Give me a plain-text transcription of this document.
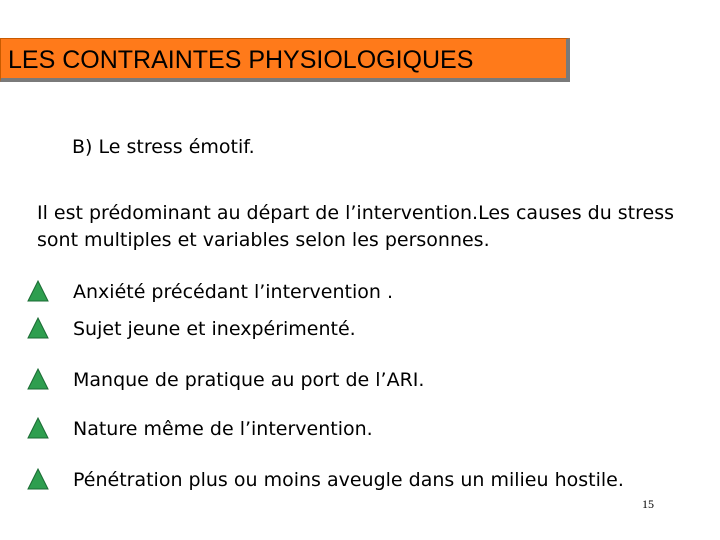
LES CONTRAINTES PHYSIOLOGIQUES
B) Le stress émotif.
Il est prédominant au départ de l’intervention.Les causes du stress sont multiples et variables selon les personnes.
Anxiété précédant l’intervention .
Sujet jeune et inexpérimenté.
Manque de pratique au port de l’ARI.
Nature même de l’intervention.
Pénétration plus ou moins aveugle dans un milieu hostile.
15
